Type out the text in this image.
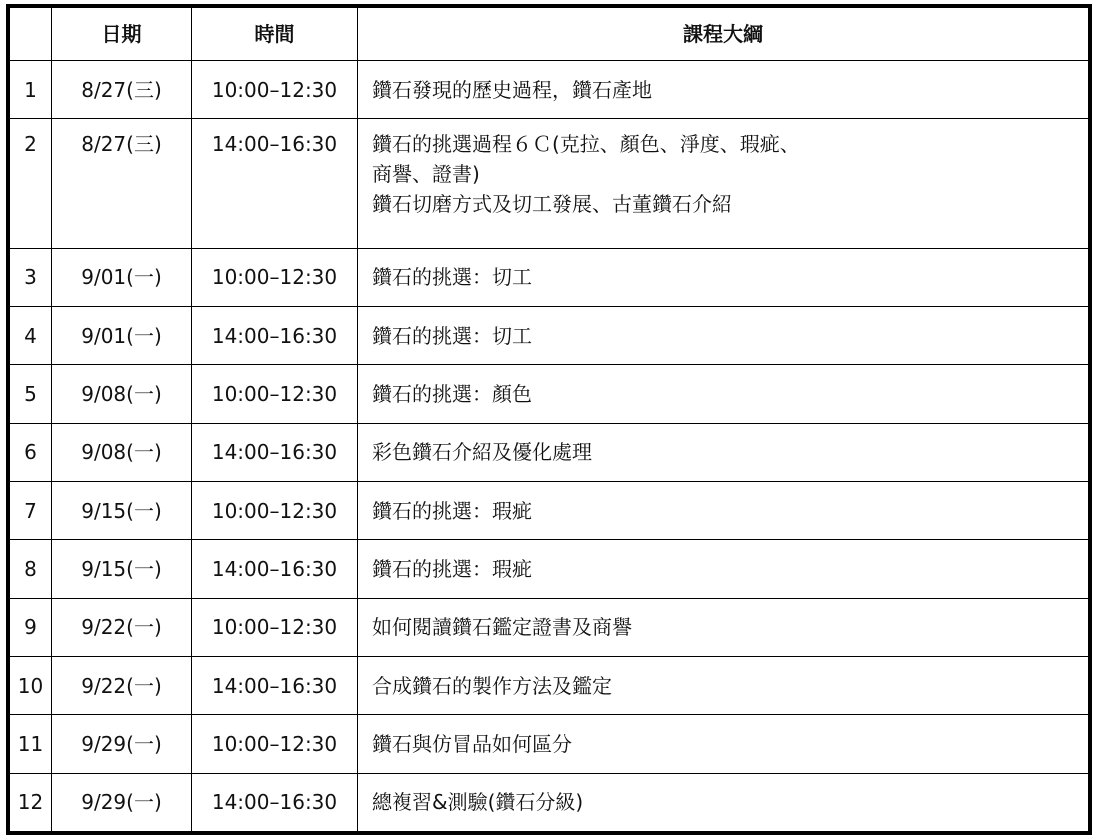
	日期	時間	課程大綱
1	8/27(三)	10:00–12:30	鑽石發現的歷史過程，鑽石產地

2	8/27(三)	14:00–16:30	鑽石的挑選過程６Ｃ(克拉、顏色、淨度、瑕疵、
商譽、證書)
鑽石切磨方式及切工發展、古董鑽石介紹

3	9/01(一)	10:00–12:30	鑽石的挑選：切工

4	9/01(一)	14:00–16:30	鑽石的挑選：切工

5	9/08(一)	10:00–12:30	鑽石的挑選：顏色

6	9/08(一)	14:00–16:30	彩色鑽石介紹及優化處理

7	9/15(一)	10:00–12:30	鑽石的挑選：瑕疵

8	9/15(一)	14:00–16:30	鑽石的挑選：瑕疵

9	9/22(一)	10:00–12:30	如何閱讀鑽石鑑定證書及商譽

10	9/22(一)	14:00–16:30	合成鑽石的製作方法及鑑定

11	9/29(一)	10:00–12:30	鑽石與仿冒品如何區分

12	9/29(一)	14:00–16:30	總複習&測驗(鑽石分級)
